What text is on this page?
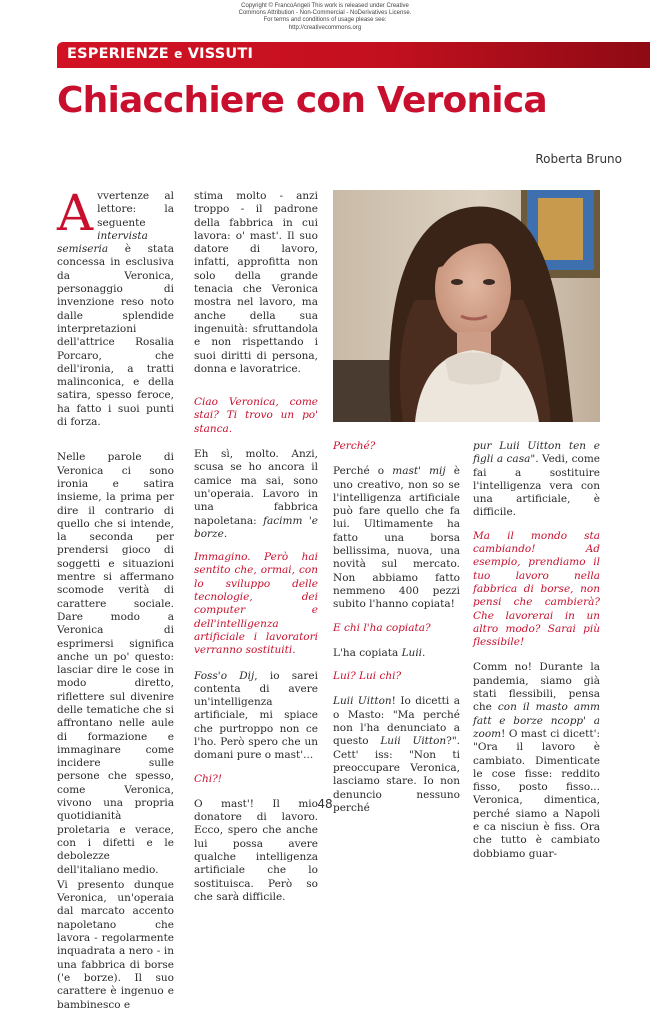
Copyright © FrancoAngeli This work is released under Creative
Commons Attribution - Non-Commercial - NoDerivatives License.
For terms and conditions of usage please see:
http://creativecommons.org
ESPERIENZE e VISSUTI
Chiacchiere con Veronica
Roberta Bruno

Avvertenze al lettore: la seguente intervista semiseria è stata concessa in esclusiva da Veronica, personaggio di invenzione reso noto dalle splendide interpretazioni dell'attrice Rosalia Porcaro, che dell'ironia, a tratti malinconica, e della satira, spesso feroce, ha fatto i suoi punti di forza.

Nelle parole di Veronica ci sono ironia e satira insieme, la prima per dire il contrario di quello che si intende, la seconda per prendersi gioco di soggetti e situazioni mentre si affermano scomode verità di carattere sociale. Dare modo a Veronica di esprimersi significa anche un po' questo: lasciar dire le cose in modo diretto, riflettere sul divenire delle tematiche che si affrontano nelle aule di formazione e immaginare come incidere sulle persone che spesso, come Veronica, vivono una propria quotidianità proletaria e verace, con i difetti e le debolezze dell'italiano medio.

Vi presento dunque Veronica, un'operaia dal marcato accento napoletano che lavora - regolarmente inquadrata a nero - in una fabbrica di borse ('e borze). Il suo carattere è ingenuo e bambinesco e

stima molto - anzi troppo - il padrone della fabbrica in cui lavora: o' mast'. Il suo datore di lavoro, infatti, approfitta non solo della grande tenacia che Veronica mostra nel lavoro, ma anche della sua ingenuità: sfruttandola e non rispettando i suoi diritti di persona, donna e lavoratrice.

Ciao Veronica, come stai? Ti trovo un po' stanca.

Eh sì, molto. Anzi, scusa se ho ancora il camice ma sai, sono un'operaia. Lavoro in una fabbrica napoletana: facimm 'e borze.

Immagino. Però hai sentito che, ormai, con lo sviluppo delle tecnologie, dei computer e dell'intelligenza artificiale i lavoratori verranno sostituiti.

Foss'o Dij, io sarei contenta di avere un'intelligenza artificiale, mi spiace che purtroppo non ce l'ho. Però spero che un domani pure o mast'...

Chi?!

O mast'! Il mio donatore di lavoro. Ecco, spero che anche lui possa avere qualche intelligenza artificiale che lo sostituisca. Però so che sarà difficile.

Perché?

Perché o mast' mij è uno creativo, non so se l'intelligenza artificiale può fare quello che fa lui. Ultimamente ha fatto una borsa bellissima, nuova, una novità sul mercato. Non abbiamo fatto nemmeno 400 pezzi subito l'hanno copiata!

E chi l'ha copiata?

L'ha copiata Luii.

Lui? Lui chi?

Luii Uitton! Io dicetti a o Masto: "Ma perché non l'ha denunciato a questo Luii Uitton?". Cett' iss: "Non ti preoccupare Veronica, lasciamo stare. Io non denuncio nessuno perché

pur Luii Uitton ten e figli a casa". Vedi, come fai a sostituire l'intelligenza vera con una artificiale, è difficile.

Ma il mondo sta cambiando! Ad esempio, prendiamo il tuo lavoro nella fabbrica di borse, non pensi che cambierà? Che lavorerai in un altro modo? Sarai più flessibile!

Comm no! Durante la pandemia, siamo già stati flessibili, pensa che con il masto amm fatt e borze ncopp' a zoom! O mast ci dicett': "Ora il lavoro è cambiato. Dimenticate le cose fisse: reddito fisso, posto fisso... Veronica, dimentica, perché siamo a Napoli e ca nisciun è fiss. Ora che tutto è cambiato dobbiamo guar-

48
